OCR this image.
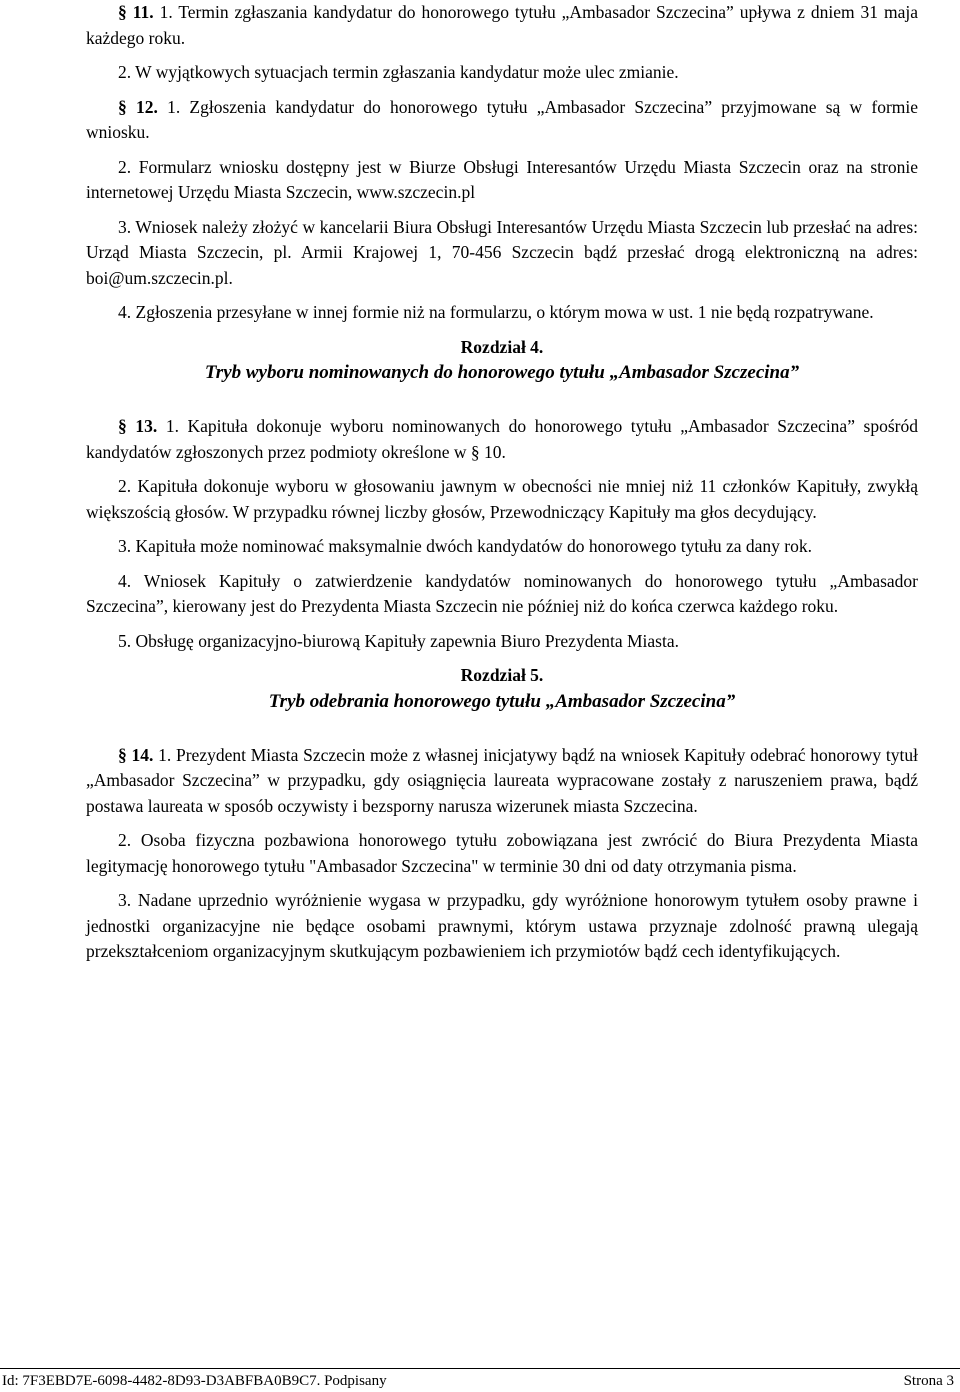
§ 11. 1. Termin zgłaszania kandydatur do honorowego tytułu „Ambasador Szczecina” upływa z dniem 31 maja każdego roku.

2. W wyjątkowych sytuacjach termin zgłaszania kandydatur może ulec zmianie.

§ 12. 1. Zgłoszenia kandydatur do honorowego tytułu „Ambasador Szczecina” przyjmowane są w formie wniosku.

2. Formularz wniosku dostępny jest w Biurze Obsługi Interesantów Urzędu Miasta Szczecin oraz na stronie internetowej Urzędu Miasta Szczecin, www.szczecin.pl

3. Wniosek należy złożyć w kancelarii Biura Obsługi Interesantów Urzędu Miasta Szczecin lub przesłać na adres: Urząd Miasta Szczecin, pl. Armii Krajowej 1, 70-456 Szczecin bądź przesłać drogą elektroniczną na adres: boi@um.szczecin.pl.

4. Zgłoszenia przesyłane w innej formie niż na formularzu, o którym mowa w ust. 1 nie będą rozpatrywane.

Rozdział 4.

Tryb wyboru nominowanych do honorowego tytułu „Ambasador Szczecina”

§ 13. 1. Kapituła dokonuje wyboru nominowanych do honorowego tytułu „Ambasador Szczecina” spośród kandydatów zgłoszonych przez podmioty określone w § 10.

2. Kapituła dokonuje wyboru w głosowaniu jawnym w obecności nie mniej niż 11 członków Kapituły, zwykłą większością głosów. W przypadku równej liczby głosów, Przewodniczący Kapituły ma głos decydujący.

3. Kapituła może nominować maksymalnie dwóch kandydatów do honorowego tytułu za dany rok.

4. Wniosek Kapituły o zatwierdzenie kandydatów nominowanych do honorowego tytułu „Ambasador Szczecina”, kierowany jest do Prezydenta Miasta Szczecin nie później niż do końca czerwca każdego roku.

5. Obsługę organizacyjno-biurową Kapituły zapewnia Biuro Prezydenta Miasta.

Rozdział 5.

Tryb odebrania honorowego tytułu „Ambasador Szczecina”

§ 14. 1. Prezydent Miasta Szczecin może z własnej inicjatywy bądź na wniosek Kapituły odebrać honorowy tytuł „Ambasador Szczecina” w przypadku, gdy osiągnięcia laureata wypracowane zostały z naruszeniem prawa, bądź postawa laureata w sposób oczywisty i bezsporny narusza wizerunek miasta Szczecina.

2. Osoba fizyczna pozbawiona honorowego tytułu zobowiązana jest zwrócić do Biura Prezydenta Miasta legitymację honorowego tytułu "Ambasador Szczecina" w terminie 30 dni od daty otrzymania pisma.

3. Nadane uprzednio wyróżnienie wygasa w przypadku, gdy wyróżnione honorowym tytułem osoby prawne i jednostki organizacyjne nie będące osobami prawnymi, którym ustawa przyznaje zdolność prawną ulegają przekształceniom organizacyjnym skutkującym pozbawieniem ich przymiotów bądź cech identyfikujących.

Id: 7F3EBD7E-6098-4482-8D93-D3ABFBA0B9C7. Podpisany	Strona 3
